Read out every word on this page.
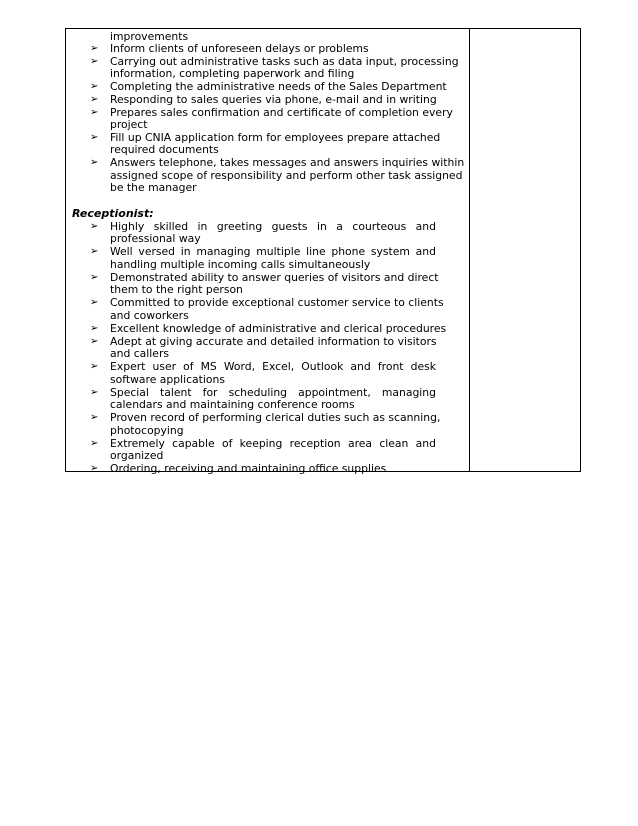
improvements
➢ Inform clients of unforeseen delays or problems
➢ Carrying out administrative tasks such as data input, processing
information, completing paperwork and filing
➢ Completing the administrative needs of the Sales Department
➢ Responding to sales queries via phone, e-mail and in writing
➢ Prepares sales confirmation and certificate of completion every
project
➢ Fill up CNIA application form for employees prepare attached
required documents
➢ Answers telephone, takes messages and answers inquiries within
assigned scope of responsibility and perform other task assigned
be the manager
Receptionist:
➢ Highly skilled in greeting guests in a courteous and
professional way
➢ Well versed in managing multiple line phone system and
handling multiple incoming calls simultaneously
➢ Demonstrated ability to answer queries of visitors and direct
them to the right person
➢ Committed to provide exceptional customer service to clients
and coworkers
➢ Excellent knowledge of administrative and clerical procedures
➢ Adept at giving accurate and detailed information to visitors
and callers
➢ Expert user of MS Word, Excel, Outlook and front desk
software applications
➢ Special talent for scheduling appointment, managing
calendars and maintaining conference rooms
➢ Proven record of performing clerical duties such as scanning,
photocopying
➢ Extremely capable of keeping reception area clean and
organized
➢ Ordering, receiving and maintaining office supplies
